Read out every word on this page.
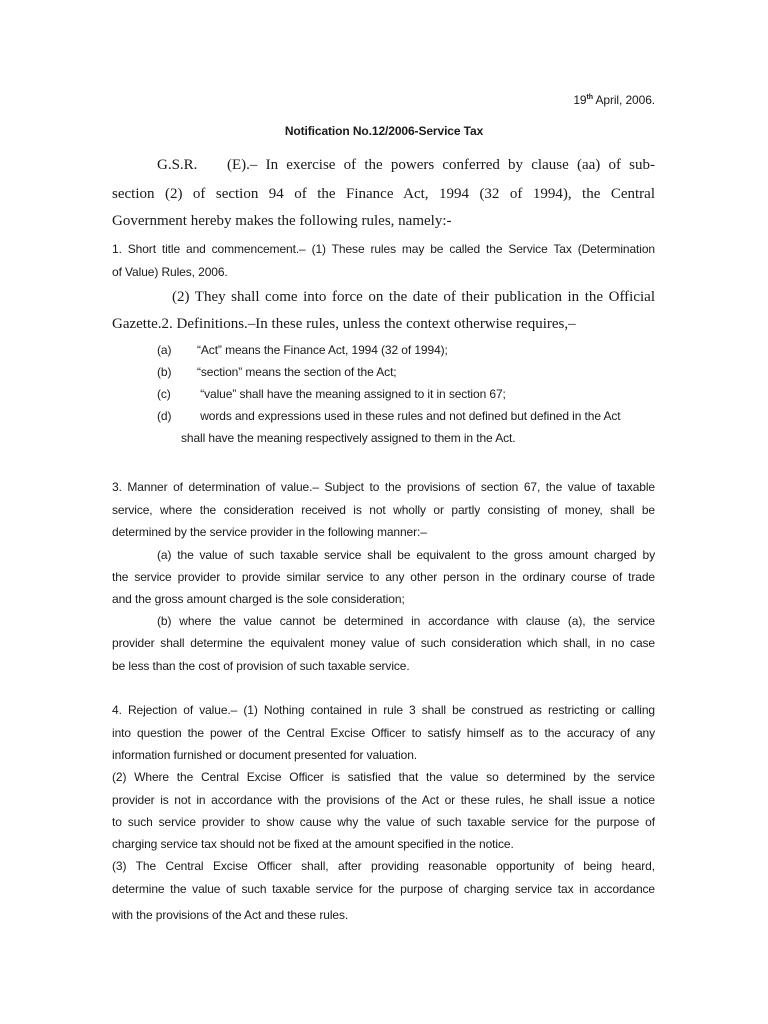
19th April, 2006.
Notification No.12/2006-Service Tax
G.S.R. (E).– In exercise of the powers conferred by clause (aa) of sub-
section (2) of section 94 of the Finance Act, 1994 (32 of 1994), the Central
Government hereby makes the following rules, namely:-
1. Short title and commencement.– (1) These rules may be called the Service Tax (Determination
of Value) Rules, 2006.
(2) They shall come into force on the date of their publication in the Official
Gazette.2. Definitions.–In these rules, unless the context otherwise requires,–
(a) “Act” means the Finance Act, 1994 (32 of 1994);
(b) “section” means the section of the Act;
(c) “value” shall have the meaning assigned to it in section 67;
(d) words and expressions used in these rules and not defined but defined in the Act
shall have the meaning respectively assigned to them in the Act.
3. Manner of determination of value.– Subject to the provisions of section 67, the value of taxable
service, where the consideration received is not wholly or partly consisting of money, shall be
determined by the service provider in the following manner:–
(a) the value of such taxable service shall be equivalent to the gross amount charged by
the service provider to provide similar service to any other person in the ordinary course of trade
and the gross amount charged is the sole consideration;
(b) where the value cannot be determined in accordance with clause (a), the service
provider shall determine the equivalent money value of such consideration which shall, in no case
be less than the cost of provision of such taxable service.
4. Rejection of value.– (1) Nothing contained in rule 3 shall be construed as restricting or calling
into question the power of the Central Excise Officer to satisfy himself as to the accuracy of any
information furnished or document presented for valuation.
(2) Where the Central Excise Officer is satisfied that the value so determined by the service
provider is not in accordance with the provisions of the Act or these rules, he shall issue a notice
to such service provider to show cause why the value of such taxable service for the purpose of
charging service tax should not be fixed at the amount specified in the notice.
(3) The Central Excise Officer shall, after providing reasonable opportunity of being heard,
determine the value of such taxable service for the purpose of charging service tax in accordance
with the provisions of the Act and these rules.
